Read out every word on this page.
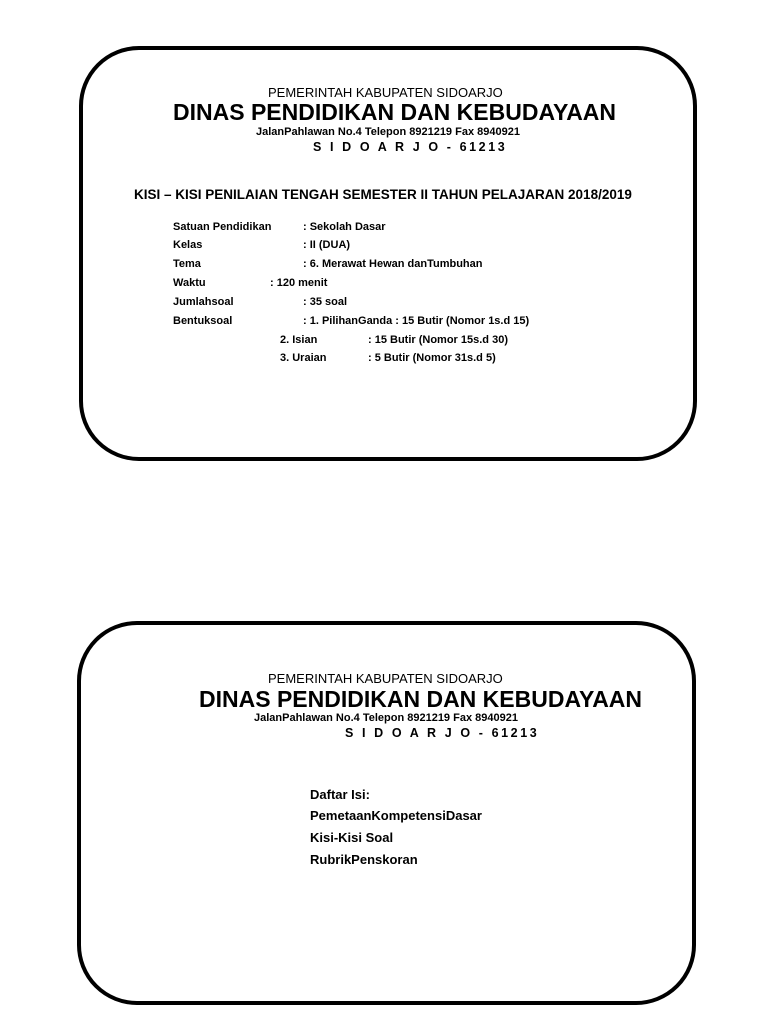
PEMERINTAH KABUPATEN SIDOARJO
DINAS PENDIDIKAN DAN KEBUDAYAAN
JalanPahlawan No.4 Telepon 8921219 Fax 8940921
S I D O A R J O - 61213
KISI – KISI PENILAIAN TENGAH SEMESTER II TAHUN PELAJARAN 2018/2019
Satuan Pendidikan	: Sekolah Dasar
Kelas	: II (DUA)
Tema	: 6. Merawat Hewan danTumbuhan
Waktu	: 120 menit
Jumlahsoal	: 35 soal
Bentuksoal	: 1. PilihanGanda : 15 Butir (Nomor 1s.d 15)
2. Isian	: 15 Butir (Nomor 15s.d 30)
3. Uraian	: 5 Butir (Nomor 31s.d 5)
PEMERINTAH KABUPATEN SIDOARJO
DINAS PENDIDIKAN DAN KEBUDAYAAN
JalanPahlawan No.4 Telepon 8921219 Fax 8940921
S I D O A R J O - 61213
Daftar Isi:
PemetaanKompetensiDasar
Kisi-Kisi Soal
RubrikPenskoran
